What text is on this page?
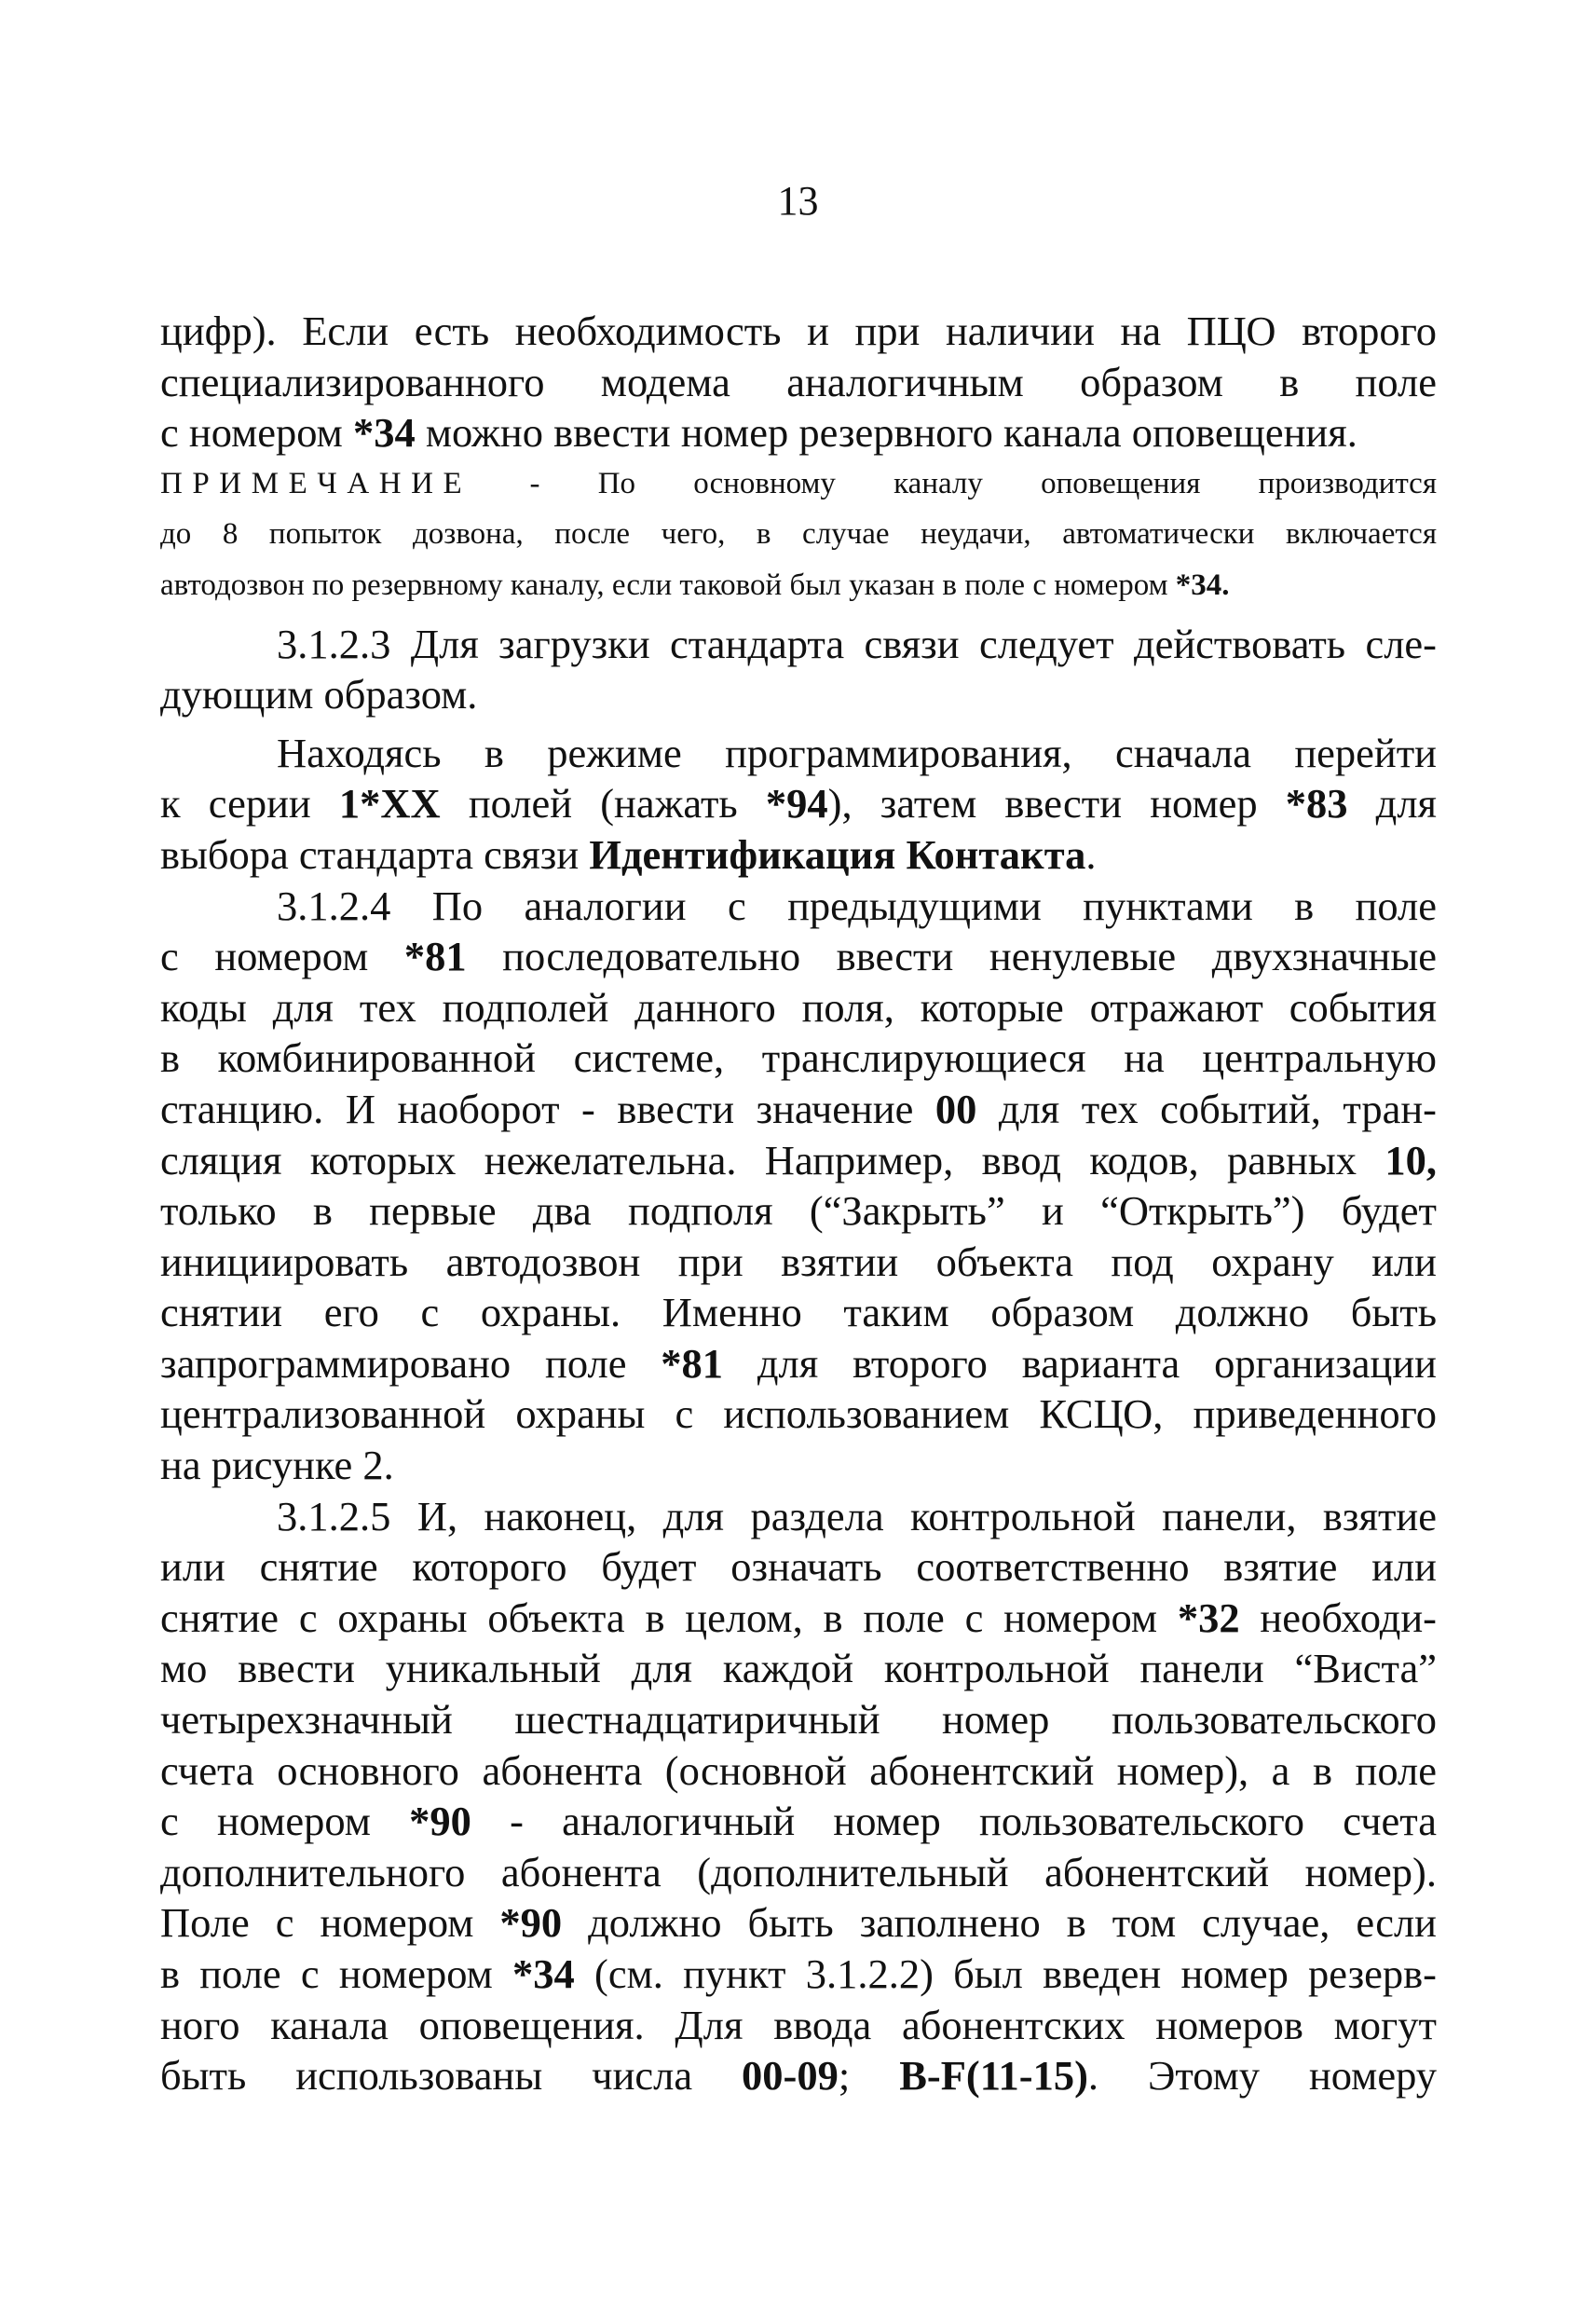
13
цифр). Если есть необходимость и при наличии на ПЦО второго
специализированного модема аналогичным образом в поле
с номером *34 можно ввести номер резервного канала оповещения.
ПРИМЕЧАНИЕ - По основному каналу оповещения производится
до 8 попыток дозвона, после чего, в случае неудачи, автоматически включается
автодозвон по резервному каналу, если таковой был указан в поле с номером *34.
3.1.2.3 Для загрузки стандарта связи следует действовать сле-
дующим образом.
Находясь в режиме программирования, сначала перейти
к серии 1*XX полей (нажать *94), затем ввести номер *83 для
выбора стандарта связи Идентификация Контакта.
3.1.2.4 По аналогии с предыдущими пунктами в поле
с номером *81 последовательно ввести ненулевые двухзначные
коды для тех подполей данного поля, которые отражают события
в комбинированной системе, транслирующиеся на центральную
станцию. И наоборот - ввести значение 00 для тех событий, тран-
сляция которых нежелательна. Например, ввод кодов, равных 10,
только в первые два подполя (“Закрыть” и “Открыть”) будет
инициировать автодозвон при взятии объекта под охрану или
снятии его с охраны. Именно таким образом должно быть
запрограммировано поле *81 для второго варианта организации
централизованной охраны с использованием КСЦО, приведенного
на рисунке 2.
3.1.2.5 И, наконец, для раздела контрольной панели, взятие
или снятие которого будет означать соответственно взятие или
снятие с охраны объекта в целом, в поле с номером *32 необходи-
мо ввести уникальный для каждой контрольной панели “Виста”
четырехзначный шестнадцатиричный номер пользовательского
счета основного абонента (основной абонентский номер), а в поле
с номером *90 - аналогичный номер пользовательского счета
дополнительного абонента (дополнительный абонентский номер).
Поле с номером *90 должно быть заполнено в том случае, если
в поле с номером *34 (см. пункт 3.1.2.2) был введен номер резерв-
ного канала оповещения. Для ввода абонентских номеров могут
быть использованы числа 00-09; B-F(11-15). Этому номеру
